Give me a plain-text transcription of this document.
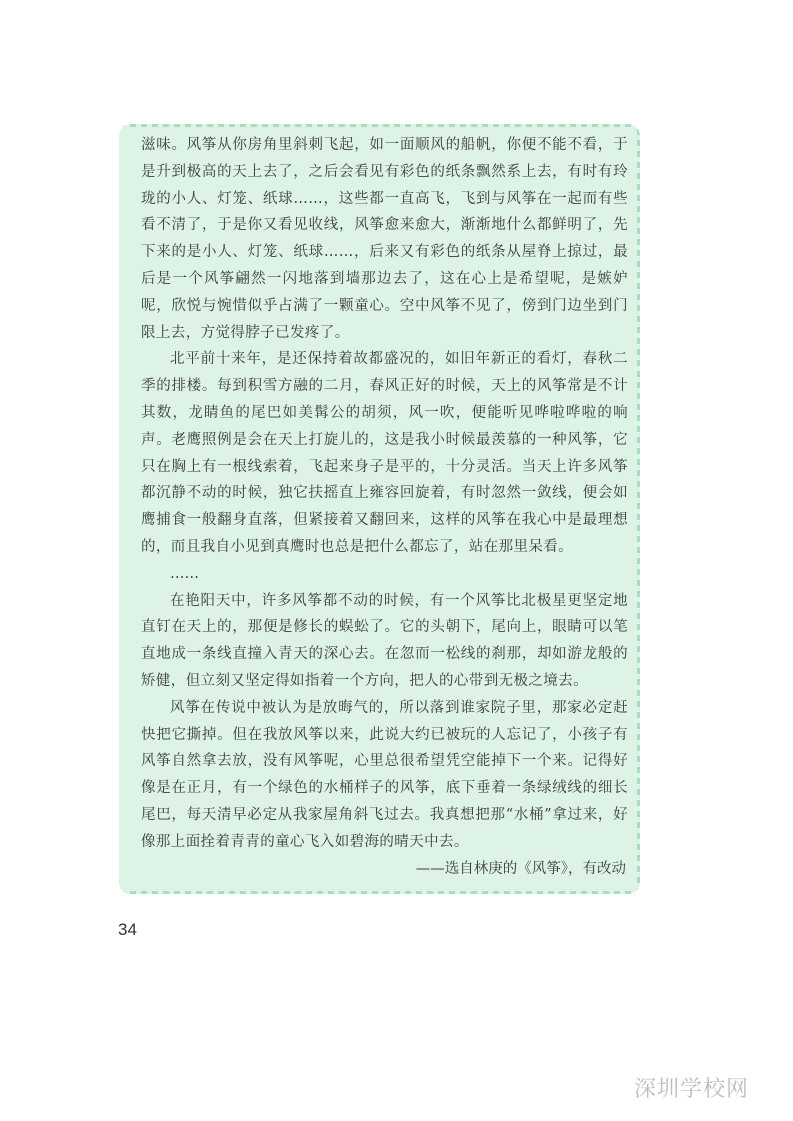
滋味。风筝从你房角里斜刺飞起，如一面顺风的船帆，你便不能不看，于是升到极高的天上去了，之后会看见有彩色的纸条飘然系上去，有时有玲珑的小人、灯笼、纸球……，这些都一直高飞，飞到与风筝在一起而有些看不清了，于是你又看见收线，风筝愈来愈大，渐渐地什么都鲜明了，先下来的是小人、灯笼、纸球……，后来又有彩色的纸条从屋脊上掠过，最后是一个风筝翩然一闪地落到墙那边去了，这在心上是希望呢，是嫉妒呢，欣悦与惋惜似乎占满了一颗童心。空中风筝不见了，傍到门边坐到门限上去，方觉得脖子已发疼了。

北平前十来年，是还保持着故都盛况的，如旧年新正的看灯，春秋二季的排楼。每到积雪方融的二月，春风正好的时候，天上的风筝常是不计其数，龙睛鱼的尾巴如美髯公的胡须，风一吹，便能听见哗啦哗啦的响声。老鹰照例是会在天上打旋儿的，这是我小时候最羡慕的一种风筝，它只在胸上有一根线索着，飞起来身子是平的，十分灵活。当天上许多风筝都沉静不动的时候，独它扶摇直上雍容回旋着，有时忽然一敛线，便会如鹰捕食一般翻身直落，但紧接着又翻回来，这样的风筝在我心中是最理想的，而且我自小见到真鹰时也总是把什么都忘了，站在那里呆看。

……

在艳阳天中，许多风筝都不动的时候，有一个风筝比北极星更坚定地直钉在天上的，那便是修长的蜈蚣了。它的头朝下，尾向上，眼睛可以笔直地成一条线直撞入青天的深心去。在忽而一松线的刹那，却如游龙般的矫健，但立刻又坚定得如指着一个方向，把人的心带到无极之境去。

风筝在传说中被认为是放晦气的，所以落到谁家院子里，那家必定赶快把它撕掉。但在我放风筝以来，此说大约已被玩的人忘记了，小孩子有风筝自然拿去放，没有风筝呢，心里总很希望凭空能掉下一个来。记得好像是在正月，有一个绿色的水桶样子的风筝，底下垂着一条绿绒线的细长尾巴，每天清早必定从我家屋角斜飞过去。我真想把那“水桶”拿过来，好像那上面拴着青青的童心飞入如碧海的晴天中去。

——选自林庚的《风筝》，有改动

34
深圳学校网
